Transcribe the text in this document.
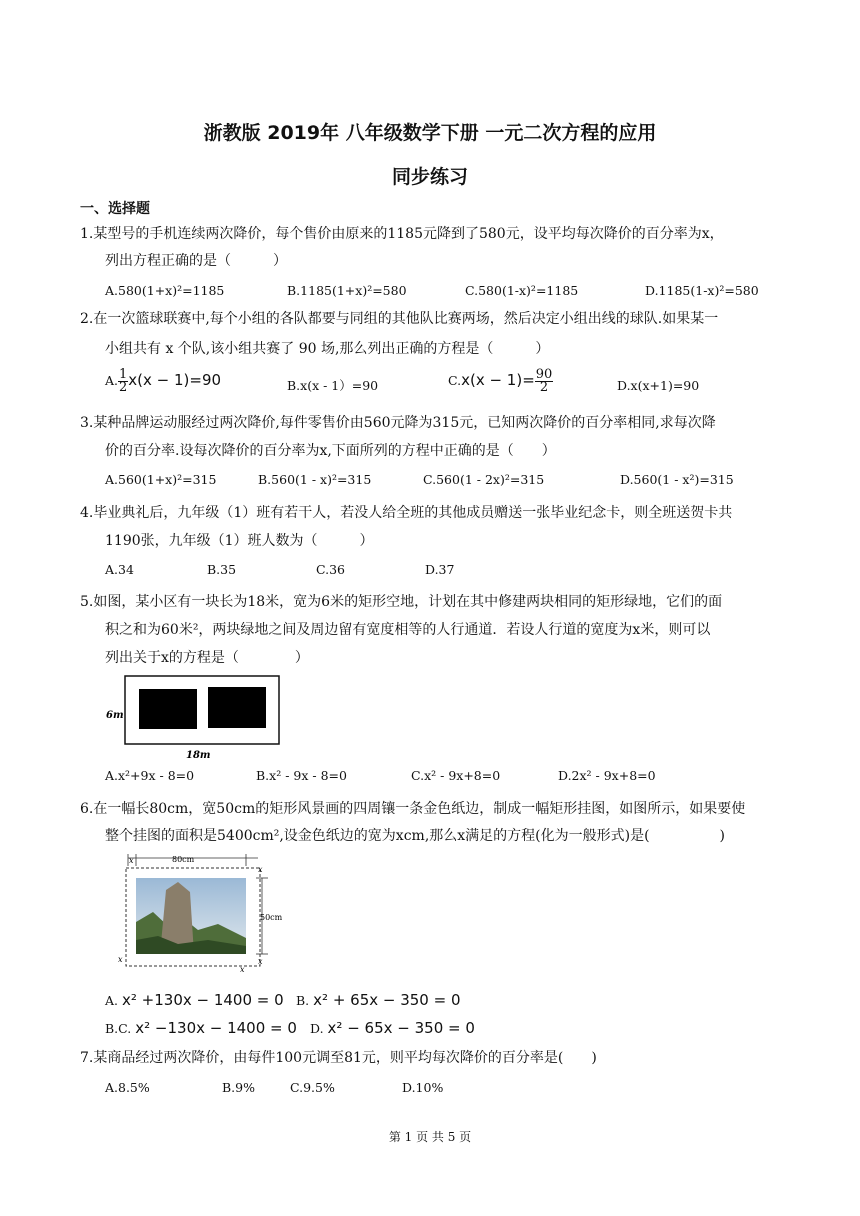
浙教版 2019年 八年级数学下册 一元二次方程的应用
同步练习
一、选择题
1.某型号的手机连续两次降价，每个售价由原来的1185元降到了580元，设平均每次降价的百分率为x，
列出方程正确的是（　　　）
A.580(1+x)²=1185	B.1185(1+x)²=580	C.580(1-x)²=1185	D.1185(1-x)²=580
2.在一次篮球联赛中,每个小组的各队都要与同组的其他队比赛两场，然后决定小组出线的球队.如果某一
小组共有 x 个队,该小组共赛了 90 场,那么列出正确的方程是（　　　）
A. $\frac{1}{2} x(x - 1)=90$	B.x(x - 1）=90	$C.x(x - 1)= \frac{90}{2}$	D.x(x+1)=90
3.某种品牌运动服经过两次降价,每件零售价由560元降为315元，已知两次降价的百分率相同,求每次降
价的百分率.设每次降价的百分率为x,下面所列的方程中正确的是（　　）
A.560(1+x)²=315	B.560(1 - x)²=315	C.560(1 - 2x)²=315	D.560(1 - x²)=315
4.毕业典礼后，九年级（1）班有若干人，若没人给全班的其他成员赠送一张毕业纪念卡，则全班送贺卡共
1190张，九年级（1）班人数为（　　　）
A.34	B.35	C.36	D.37
5.如图，某小区有一块长为18米，宽为6米的矩形空地，计划在其中修建两块相同的矩形绿地，它们的面
积之和为60米²，两块绿地之间及周边留有宽度相等的人行通道．若设人行道的宽度为x米，则可以
列出关于x的方程是（　　　　）
6m
18m
A.x²+9x - 8=0	B.x² - 9x - 8=0	C.x² - 9x+8=0	D.2x² - 9x+8=0
6.在一幅长80cm，宽50cm的矩形风景画的四周镶一条金色纸边，制成一幅矩形挂图，如图所示，如果要使
整个挂图的面积是5400cm²,设金色纸边的宽为xcm,那么x满足的方程(化为一般形式)是(　　　　　)
80cm
x
50cm
x
x
x
x
A. x² +130x − 1400 = 0 B. x² + 65x − 350 = 0
B.C. x² −130x − 1400 = 0 D. x² − 65x − 350 = 0
7.某商品经过两次降价，由每件100元调至81元，则平均每次降价的百分率是(　　)
A.8.5%	B.9%	C.9.5%	D.10%
第 1 页 共 5 页
